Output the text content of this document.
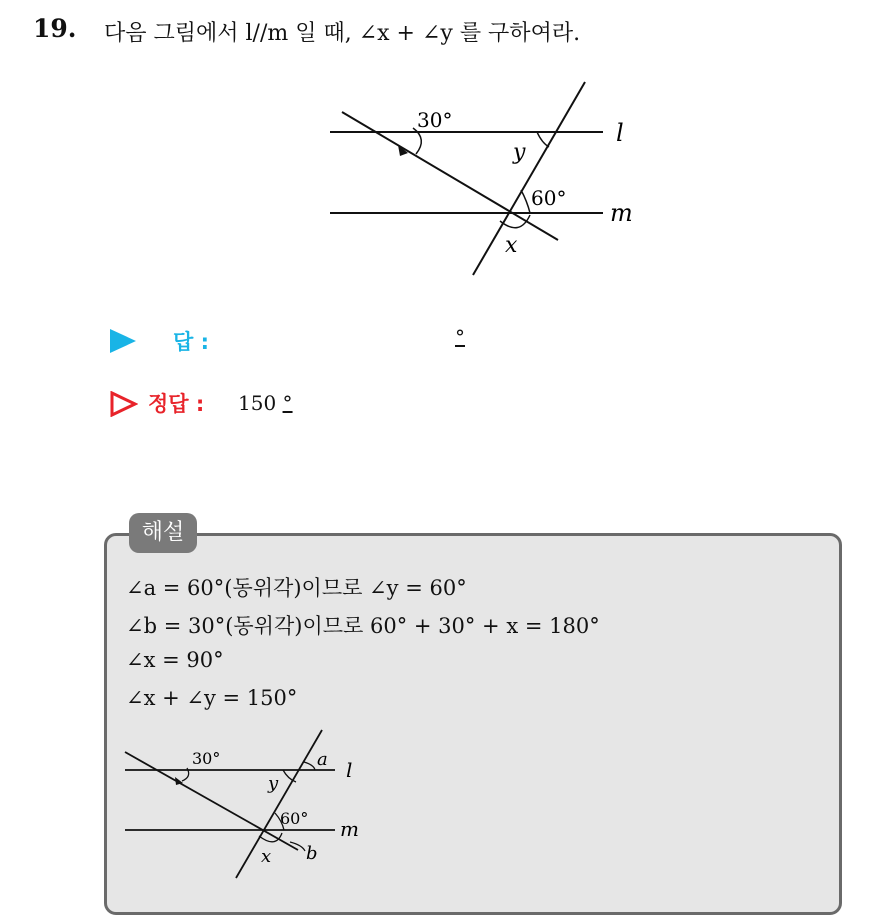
19. 다음 그림에서 l//m 일 때, ∠x + ∠y 를 구하여라.
30°
y
60°
x
l
m
답 :	°
정답 : 150 °
해설
∠a = 60°(동위각)이므로 ∠y = 60°
∠b = 30°(동위각)이므로 60° + 30° + x = 180°
∠x = 90°
∠x + ∠y = 150°
30°	a
y
60°
x b
l
m
